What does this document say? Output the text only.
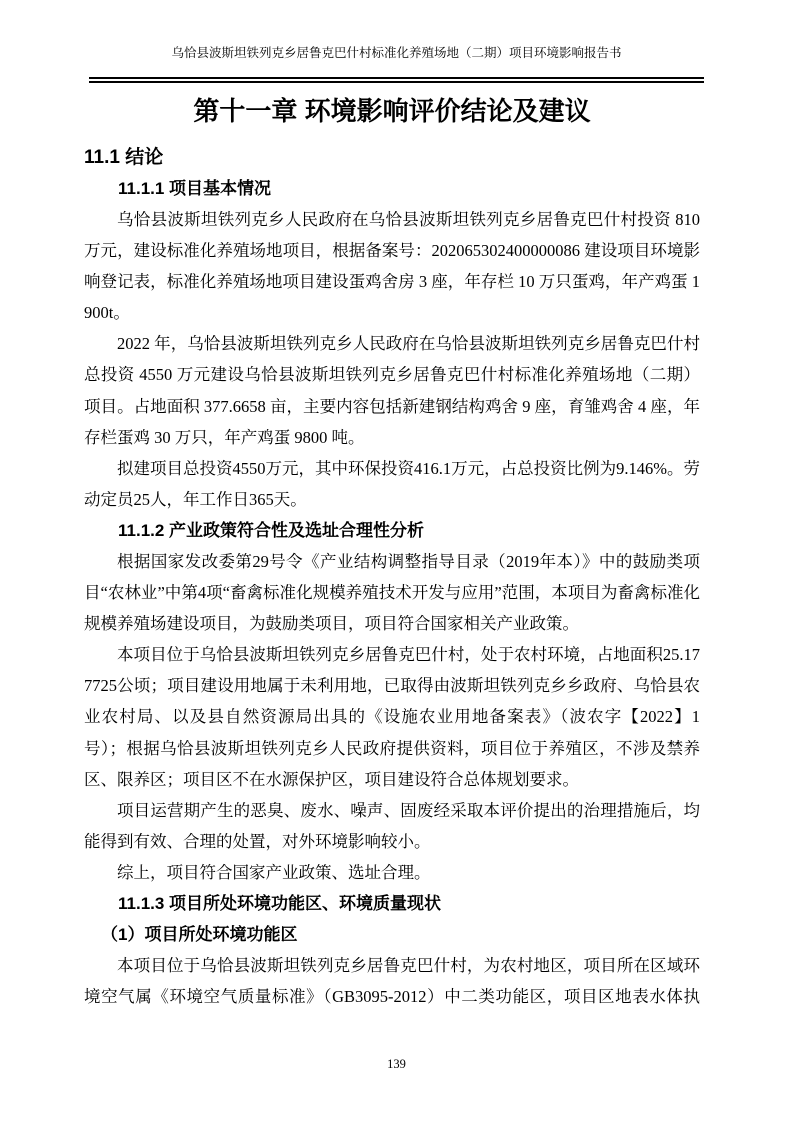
乌恰县波斯坦铁列克乡居鲁克巴什村标准化养殖场地（二期）项目环境影响报告书
第十一章 环境影响评价结论及建议
11.1 结论
11.1.1 项目基本情况

乌恰县波斯坦铁列克乡人民政府在乌恰县波斯坦铁列克乡居鲁克巴什村投资 810 万元，建设标准化养殖场地项目，根据备案号：202065302400000086 建设项目环境影响登记表，标准化养殖场地项目建设蛋鸡舍房 3 座，年存栏 10 万只蛋鸡，年产鸡蛋 1900t。

2022 年，乌恰县波斯坦铁列克乡人民政府在乌恰县波斯坦铁列克乡居鲁克巴什村总投资 4550 万元建设乌恰县波斯坦铁列克乡居鲁克巴什村标准化养殖场地（二期）项目。占地面积 377.6658 亩，主要内容包括新建钢结构鸡舍 9 座，育雏鸡舍 4 座，年存栏蛋鸡 30 万只，年产鸡蛋 9800 吨。

拟建项目总投资4550万元，其中环保投资416.1万元，占总投资比例为9.146%。劳动定员25人，年工作日365天。

11.1.2 产业政策符合性及选址合理性分析

根据国家发改委第29号令《产业结构调整指导目录（2019年本）》中的鼓励类项目“农林业”中第4项“畜禽标准化规模养殖技术开发与应用”范围，本项目为畜禽标准化规模养殖场建设项目，为鼓励类项目，项目符合国家相关产业政策。

本项目位于乌恰县波斯坦铁列克乡居鲁克巴什村，处于农村环境，占地面积25.177725公顷；项目建设用地属于未利用地，已取得由波斯坦铁列克乡乡政府、乌恰县农业农村局、以及县自然资源局出具的《设施农业用地备案表》（波农字【2022】1号）；根据乌恰县波斯坦铁列克乡人民政府提供资料，项目位于养殖区，不涉及禁养区、限养区；项目区不在水源保护区，项目建设符合总体规划要求。

项目运营期产生的恶臭、废水、噪声、固废经采取本评价提出的治理措施后，均能得到有效、合理的处置，对外环境影响较小。

综上，项目符合国家产业政策、选址合理。

11.1.3 项目所处环境功能区、环境质量现状
（1）项目所处环境功能区

本项目位于乌恰县波斯坦铁列克乡居鲁克巴什村，为农村地区，项目所在区域环境空气属《环境空气质量标准》（GB3095-2012）中二类功能区，项目区地表水体执

139
